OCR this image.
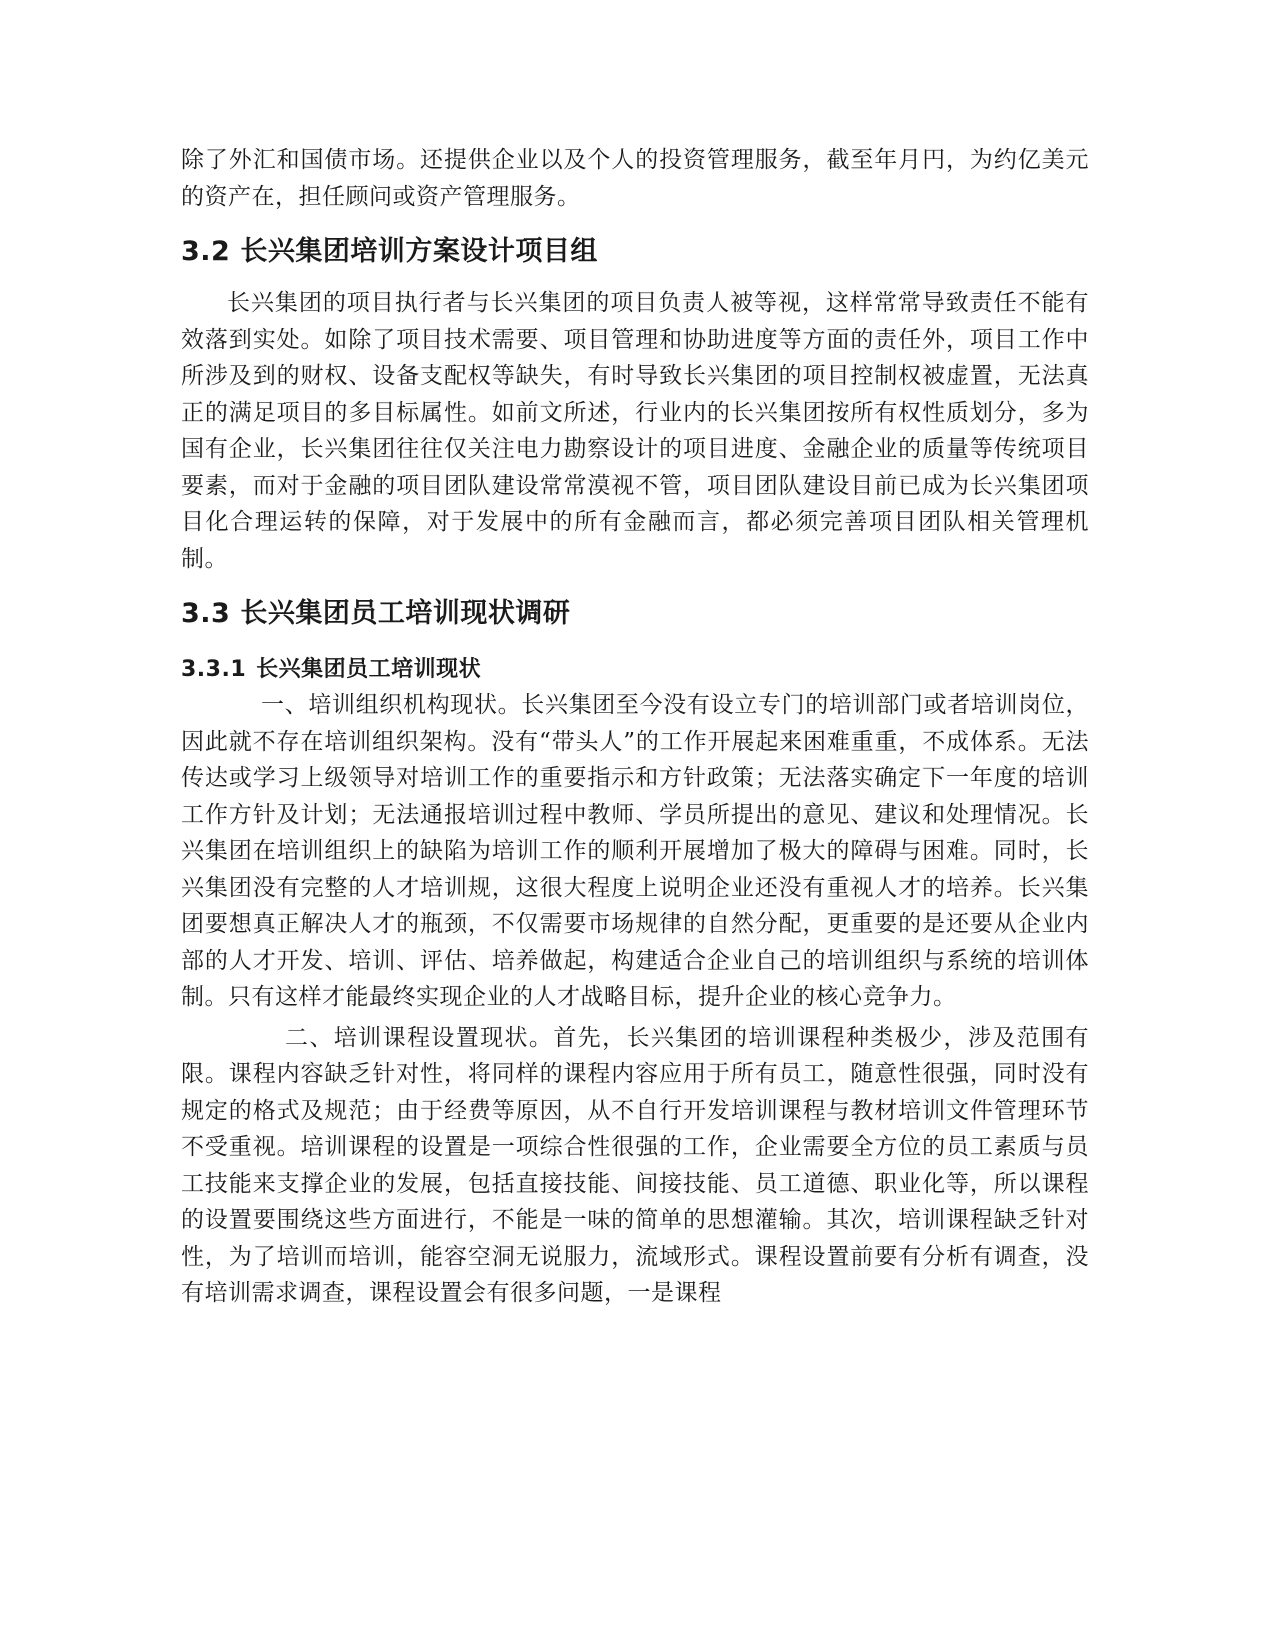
除了外汇和国债市场。还提供企业以及个人的投资管理服务，截至年月円，为约亿美元的资产在，担任顾问或资产管理服务。

3.2 长兴集团培训方案设计项目组

长兴集团的项目执行者与长兴集团的项目负责人被等视，这样常常导致责任不能有效落到实处。如除了项目技术需要、项目管理和协助进度等方面的责任外，项目工作中所涉及到的财权、设备支配权等缺失，有时导致长兴集团的项目控制权被虚置，无法真正的满足项目的多目标属性。如前文所述，行业内的长兴集团按所有权性质划分，多为国有企业，长兴集团往往仅关注电力勘察设计的项目进度、金融企业的质量等传统项目要素，而对于金融的项目团队建设常常漠视不管，项目团队建设目前已成为长兴集团项目化合理运转的保障，对于发展中的所有金融而言，都必须完善项目团队相关管理机制。

3.3 长兴集团员工培训现状调研
3.3.1 长兴集团员工培训现状

一、培训组织机构现状。长兴集团至今没有设立专门的培训部门或者培训岗位，因此就不存在培训组织架构。没有“带头人”的工作开展起来困难重重，不成体系。无法传达或学习上级领导对培训工作的重要指示和方针政策；无法落实确定下一年度的培训工作方针及计划；无法通报培训过程中教师、学员所提出的意见、建议和处理情况。长兴集团在培训组织上的缺陷为培训工作的顺利开展增加了极大的障碍与困难。同时，长兴集团没有完整的人才培训规，这很大程度上说明企业还没有重视人才的培养。长兴集团要想真正解决人才的瓶颈，不仅需要市场规律的自然分配，更重要的是还要从企业内部的人才开发、培训、评估、培养做起，构建适合企业自己的培训组织与系统的培训体制。只有这样才能最终实现企业的人才战略目标，提升企业的核心竞争力。

二、培训课程设置现状。首先，长兴集团的培训课程种类极少，涉及范围有限。课程内容缺乏针对性，将同样的课程内容应用于所有员工，随意性很强，同时没有规定的格式及规范；由于经费等原因，从不自行开发培训课程与教材培训文件管理环节不受重视。培训课程的设置是一项综合性很强的工作，企业需要全方位的员工素质与员工技能来支撑企业的发展，包括直接技能、间接技能、员工道德、职业化等，所以课程的设置要围绕这些方面进行，不能是一味的简单的思想灌输。其次，培训课程缺乏针对性，为了培训而培训，能容空洞无说服力，流域形式。课程设置前要有分析有调查，没有培训需求调查，课程设置会有很多问题，一是课程
